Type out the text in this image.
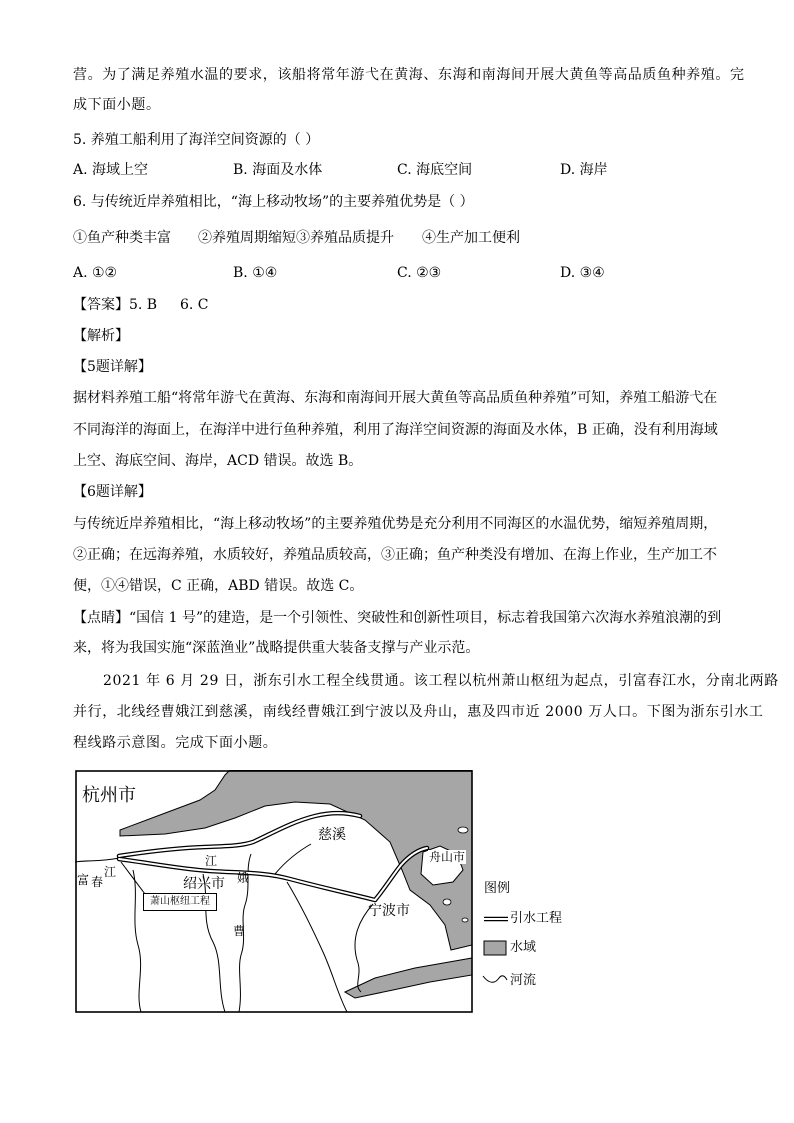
营。为了满足养殖水温的要求，该船将常年游弋在黄海、东海和南海间开展大黄鱼等高品质鱼种养殖。完
成下面小题。
5. 养殖工船利用了海洋空间资源的（ ）
A. 海域上空	B. 海面及水体	C. 海底空间	D. 海岸
6. 与传统近岸养殖相比，“海上移动牧场”的主要养殖优势是（ ）
①鱼产种类丰富 ②养殖周期缩短③养殖品质提升 ④生产加工便利
A. ①②	B. ①④	C. ②③	D. ③④
【答案】5. B 6. C
【解析】
【5题详解】
据材料养殖工船“将常年游弋在黄海、东海和南海间开展大黄鱼等高品质鱼种养殖”可知，养殖工船游弋在
不同海洋的海面上，在海洋中进行鱼种养殖，利用了海洋空间资源的海面及水体，B 正确，没有利用海域
上空、海底空间、海岸，ACD 错误。故选 B。
【6题详解】
与传统近岸养殖相比，“海上移动牧场”的主要养殖优势是充分利用不同海区的水温优势，缩短养殖周期，
②正确；在远海养殖，水质较好，养殖品质较高，③正确；鱼产种类没有增加、在海上作业，生产加工不
便，①④错误，C 正确，ABD 错误。故选 C。
【点睛】“国信 1 号”的建造，是一个引领性、突破性和创新性项目，标志着我国第六次海水养殖浪潮的到
来，将为我国实施“深蓝渔业”战略提供重大装备支撑与产业示范。
2021 年 6 月 29 日，浙东引水工程全线贯通。该工程以杭州萧山枢纽为起点，引富春江水，分南北两路
并行，北线经曹娥江到慈溪，南线经曹娥江到宁波以及舟山，惠及四市近 2000 万人口。下图为浙东引水工
程线路示意图。完成下面小题。
杭州市
慈溪
舟山市
江
江
富 春	绍兴市 娥
曹
宁波市
萧山枢纽工程
图例
引水工程
水域
河流
